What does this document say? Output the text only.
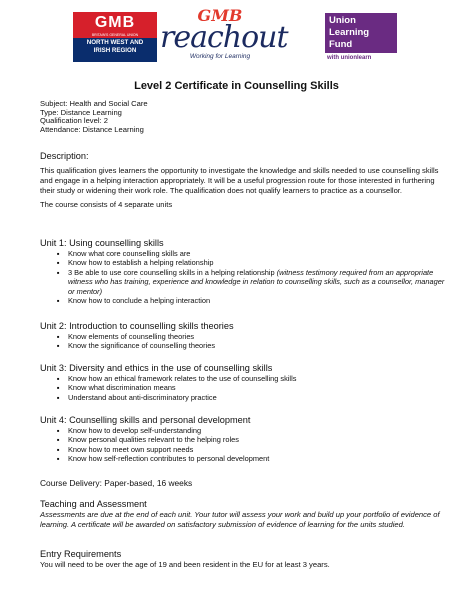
GMB
BRITAIN'S GENERAL UNION
NORTH WEST AND
IRISH REGION
GMB
reachout
Working for Learning
Union
Learning
Fund
with unionlearn
Level 2 Certificate in Counselling Skills
Subject: Health and Social Care
Type: Distance Learning
Qualification level: 2
Attendance: Distance Learning
Description:
This qualification gives learners the opportunity to investigate the knowledge and skills needed to use counselling skills and engage in a helping interaction appropriately. It will be a useful progression route for those interested in furthering their study or widening their work role. The qualification does not qualify learners to practice as a counsellor.
The course consists of 4 separate units
Unit 1: Using counselling skills
■ Know what core counselling skills are
■ Know how to establish a helping relationship
■ 3 Be able to use core counselling skills in a helping relationship (witness testimony required from an appropriate witness who has training, experience and knowledge in relation to counselling skills, such as a counsellor, manager or mentor)
■ Know how to conclude a helping interaction
Unit 2: Introduction to counselling skills theories
■ Know elements of counselling theories
■ Know the significance of counselling theories
Unit 3: Diversity and ethics in the use of counselling skills
■ Know how an ethical framework relates to the use of counselling skills
■ Know what discrimination means
■ Understand about anti-discriminatory practice
Unit 4: Counselling skills and personal development
■ Know how to develop self-understanding
■ Know personal qualities relevant to the helping roles
■ Know how to meet own support needs
■ Know how self-reflection contributes to personal development
Course Delivery: Paper-based, 16 weeks
Teaching and Assessment
Assessments are due at the end of each unit. Your tutor will assess your work and build up your portfolio of evidence of learning. A certificate will be awarded on satisfactory submission of evidence of learning for the units studied.
Entry Requirements
You will need to be over the age of 19 and been resident in the EU for at least 3 years.
